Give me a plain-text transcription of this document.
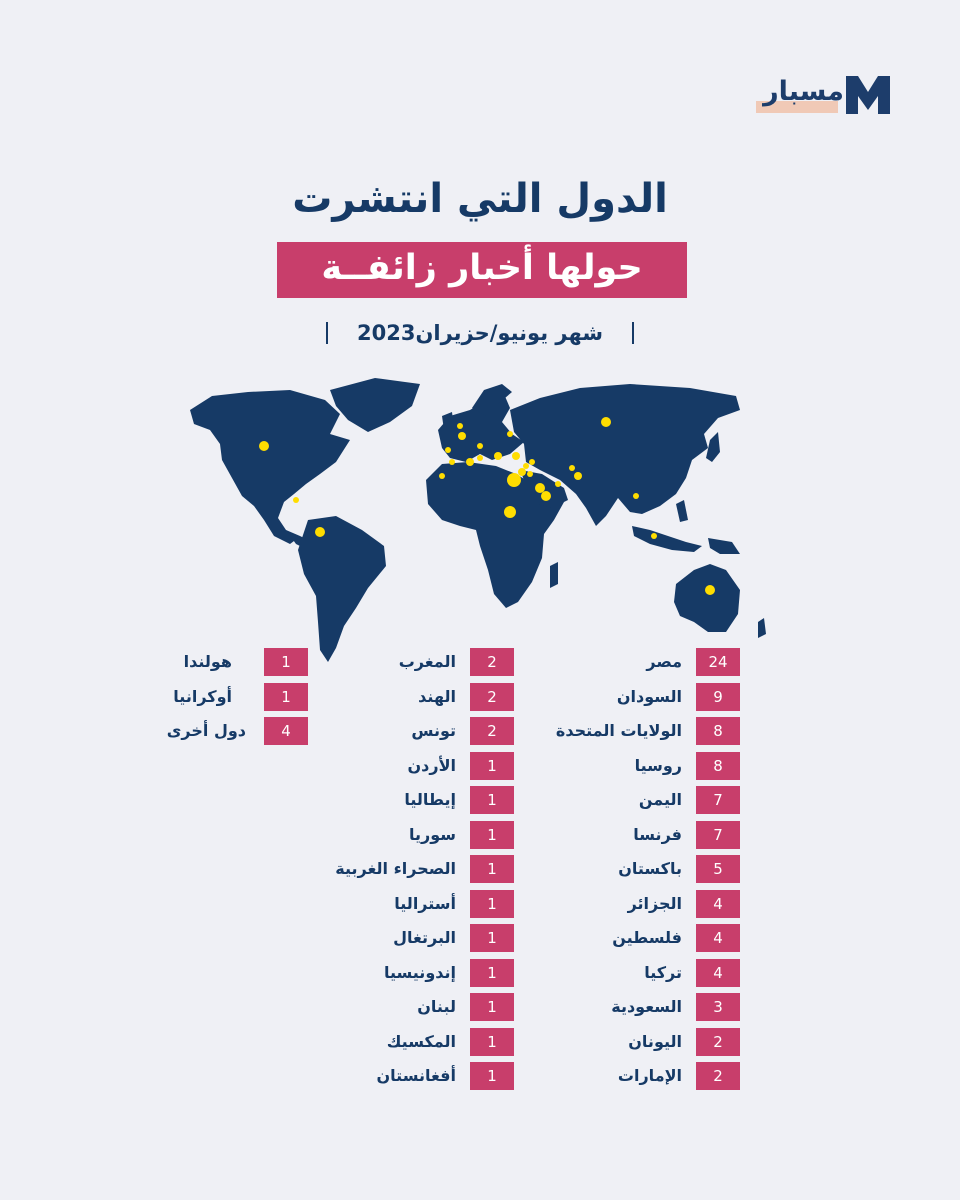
مسبار
الدول التي انتشرت
حولها أخبار زائفــة
شهر يونيو/حزيران2023
مصر	24
السودان	9
الولايات المتحدة	8
روسيا	8
اليمن	7
فرنسا	7
باكستان	5
الجزائر	4
فلسطين	4
تركيا	4
السعودية	3
اليونان	2
الإمارات	2
المغرب	2
الهند	2
تونس	2
الأردن	1
إيطاليا	1
سوريا	1
الصحراء الغربية	1
أستراليا	1
البرتغال	1
إندونيسيا	1
لبنان	1
المكسيك	1
أفغانستان	1
هولندا	1
أوكرانيا	1
دول أخرى	4
